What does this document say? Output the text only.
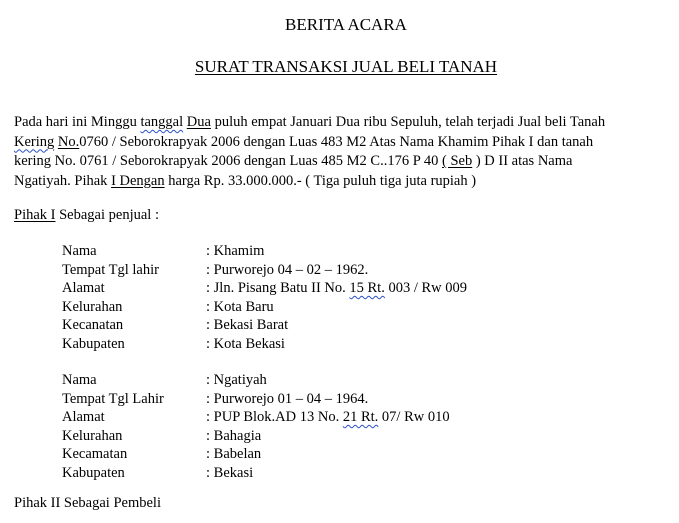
BERITA ACARA
SURAT TRANSAKSI JUAL BELI TANAH
Pada hari ini Minggu tanggal Dua puluh empat Januari Dua ribu Sepuluh, telah terjadi Jual beli Tanah
Kering No.0760 / Seborokrapyak 2006 dengan Luas 483 M2 Atas Nama Khamim Pihak I dan tanah
kering No. 0761 / Seborokrapyak 2006 dengan Luas 485 M2 C..176 P 40 ( Seb ) D II atas Nama
Ngatiyah. Pihak I Dengan harga Rp. 33.000.000.- ( Tiga puluh tiga juta rupiah )
Pihak I Sebagai penjual :
Nama	: Khamim
Tempat Tgl lahir	: Purworejo 04 – 02 – 1962.
Alamat	: Jln. Pisang Batu II No. 15 Rt. 003 / Rw 009
Kelurahan	: Kota Baru
Kecanatan	: Bekasi Barat
Kabupaten	: Kota Bekasi
Nama	: Ngatiyah
Tempat Tgl Lahir	: Purworejo 01 – 04 – 1964.
Alamat	: PUP Blok.AD 13 No. 21 Rt. 07/ Rw 010
Kelurahan	: Bahagia
Kecamatan	: Babelan
Kabupaten	: Bekasi
Pihak II Sebagai Pembeli
